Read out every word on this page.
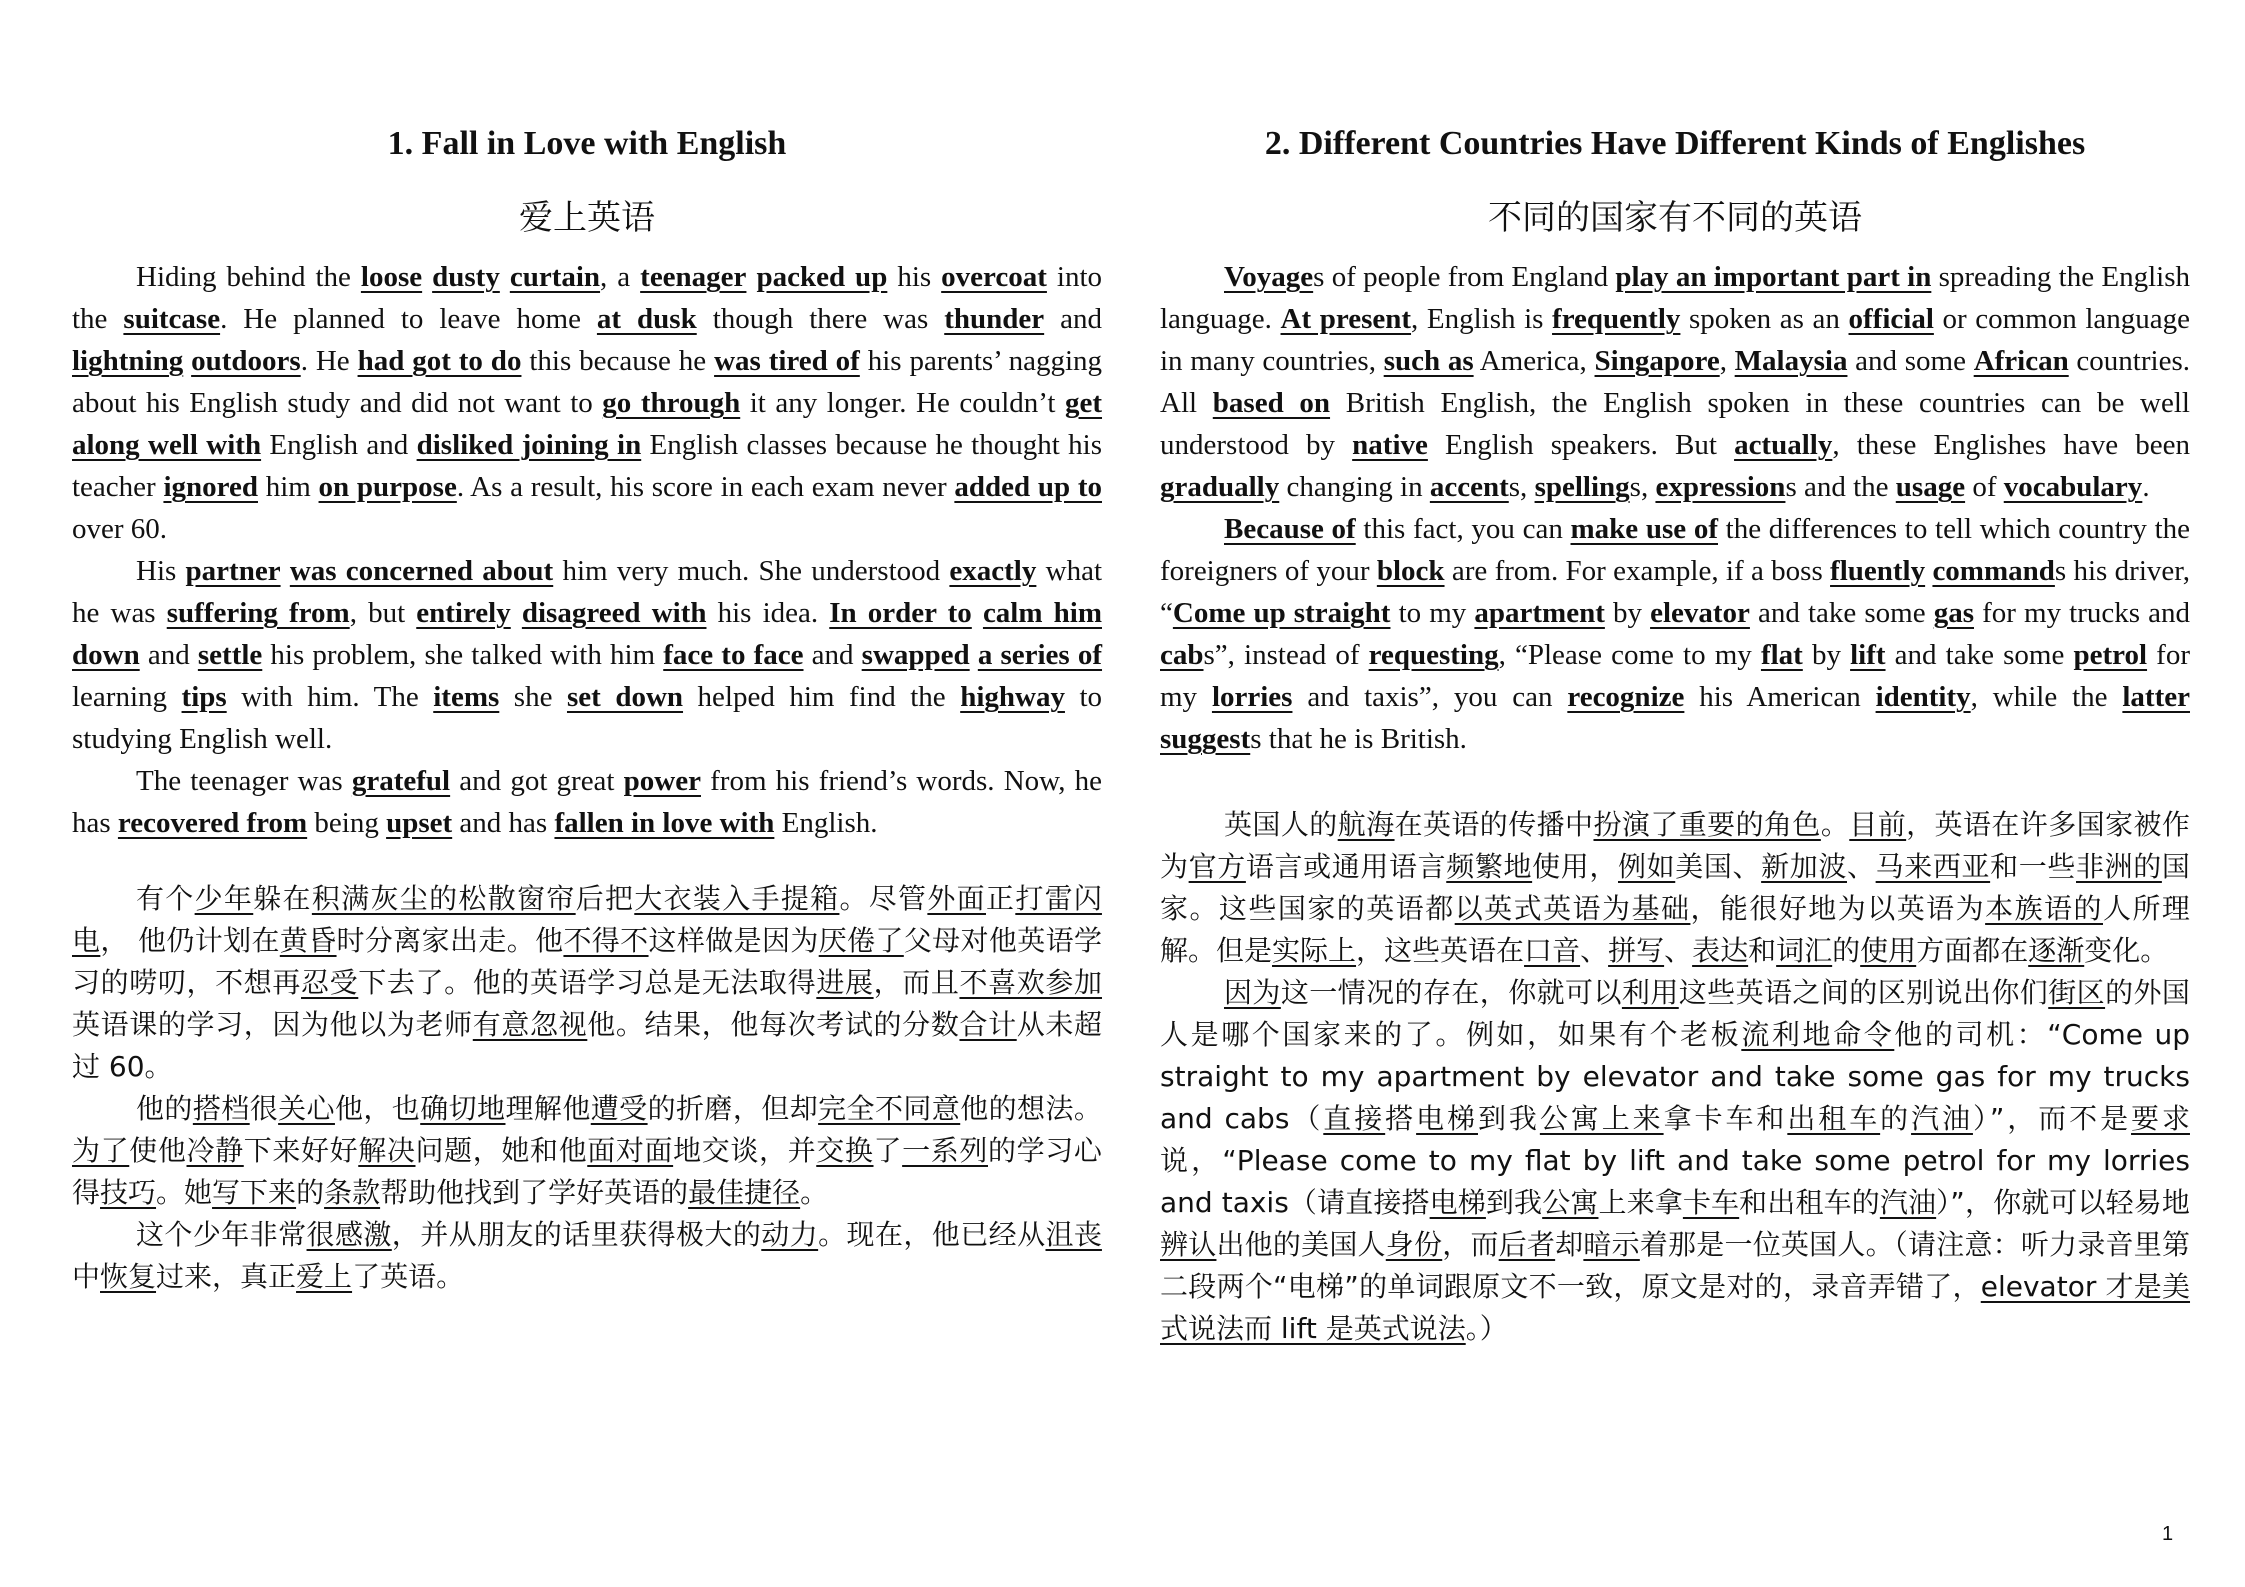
1. Fall in Love with English
爱上英语

Hiding behind the loose dusty curtain, a teenager packed up his overcoat into the suitcase. He planned to leave home at dusk though there was thunder and lightning outdoors. He had got to do this because he was tired of his parents’ nagging about his English study and did not want to go through it any longer. He couldn’t get along well with English and disliked joining in English classes because he thought his teacher ignored him on purpose. As a result, his score in each exam never added up to over 60.

His partner was concerned about him very much. She understood exactly what he was suffering from, but entirely disagreed with his idea. In order to calm him down and settle his problem, she talked with him face to face and swapped a series of learning tips with him. The items she set down helped him find the highway to studying English well.

The teenager was grateful and got great power from his friend’s words. Now, he has recovered from being upset and has fallen in love with English.

有个少年躲在积满灰尘的松散窗帘后把大衣装入手提箱。尽管外面正打雷闪电， 他仍计划在黄昏时分离家出走。他不得不这样做是因为厌倦了父母对他英语学习的唠叨，不想再忍受下去了。他的英语学习总是无法取得进展，而且不喜欢参加英语课的学习，因为他以为老师有意忽视他。结果，他每次考试的分数合计从未超过 60。

他的搭档很关心他，也确切地理解他遭受的折磨，但却完全不同意他的想法。为了使他冷静下来好好解决问题，她和他面对面地交谈，并交换了一系列的学习心得技巧。她写下来的条款帮助他找到了学好英语的最佳捷径。

这个少年非常很感激，并从朋友的话里获得极大的动力。现在，他已经从沮丧中恢复过来，真正爱上了英语。

2. Different Countries Have Different Kinds of Englishes
不同的国家有不同的英语

Voyages of people from England play an important part in spreading the English language. At present, English is frequently spoken as an official or common language in many countries, such as America, Singapore, Malaysia and some African countries. All based on British English, the English spoken in these countries can be well understood by native English speakers. But actually, these Englishes have been gradually changing in accents, spellings, expressions and the usage of vocabulary.

Because of this fact, you can make use of the differences to tell which country the foreigners of your block are from. For example, if a boss fluently commands his driver, “Come up straight to my apartment by elevator and take some gas for my trucks and cabs”, instead of requesting, “Please come to my flat by lift and take some petrol for my lorries and taxis”, you can recognize his American identity, while the latter suggests that he is British.

英国人的航海在英语的传播中扮演了重要的角色。目前，英语在许多国家被作为官方语言或通用语言频繁地使用，例如美国、新加波、马来西亚和一些非洲的国家。这些国家的英语都以英式英语为基础，能很好地为以英语为本族语的人所理解。但是实际上，这些英语在口音、拼写、表达和词汇的使用方面都在逐渐变化。

因为这一情况的存在，你就可以利用这些英语之间的区别说出你们街区的外国人是哪个国家来的了。例如，如果有个老板流利地命令他的司机：“Come up straight to my apartment by elevator and take some gas for my trucks and cabs（直接搭电梯到我公寓上来拿卡车和出租车的汽油）”，而不是要求说，“Please come to my flat by lift and take some petrol for my lorries and taxis（请直接搭电梯到我公寓上来拿卡车和出租车的汽油）”，你就可以轻易地辨认出他的美国人身份，而后者却暗示着那是一位英国人。（请注意：听力录音里第二段两个“电梯”的单词跟原文不一致，原文是对的，录音弄错了，elevator 才是美式说法而 lift 是英式说法。）

1
